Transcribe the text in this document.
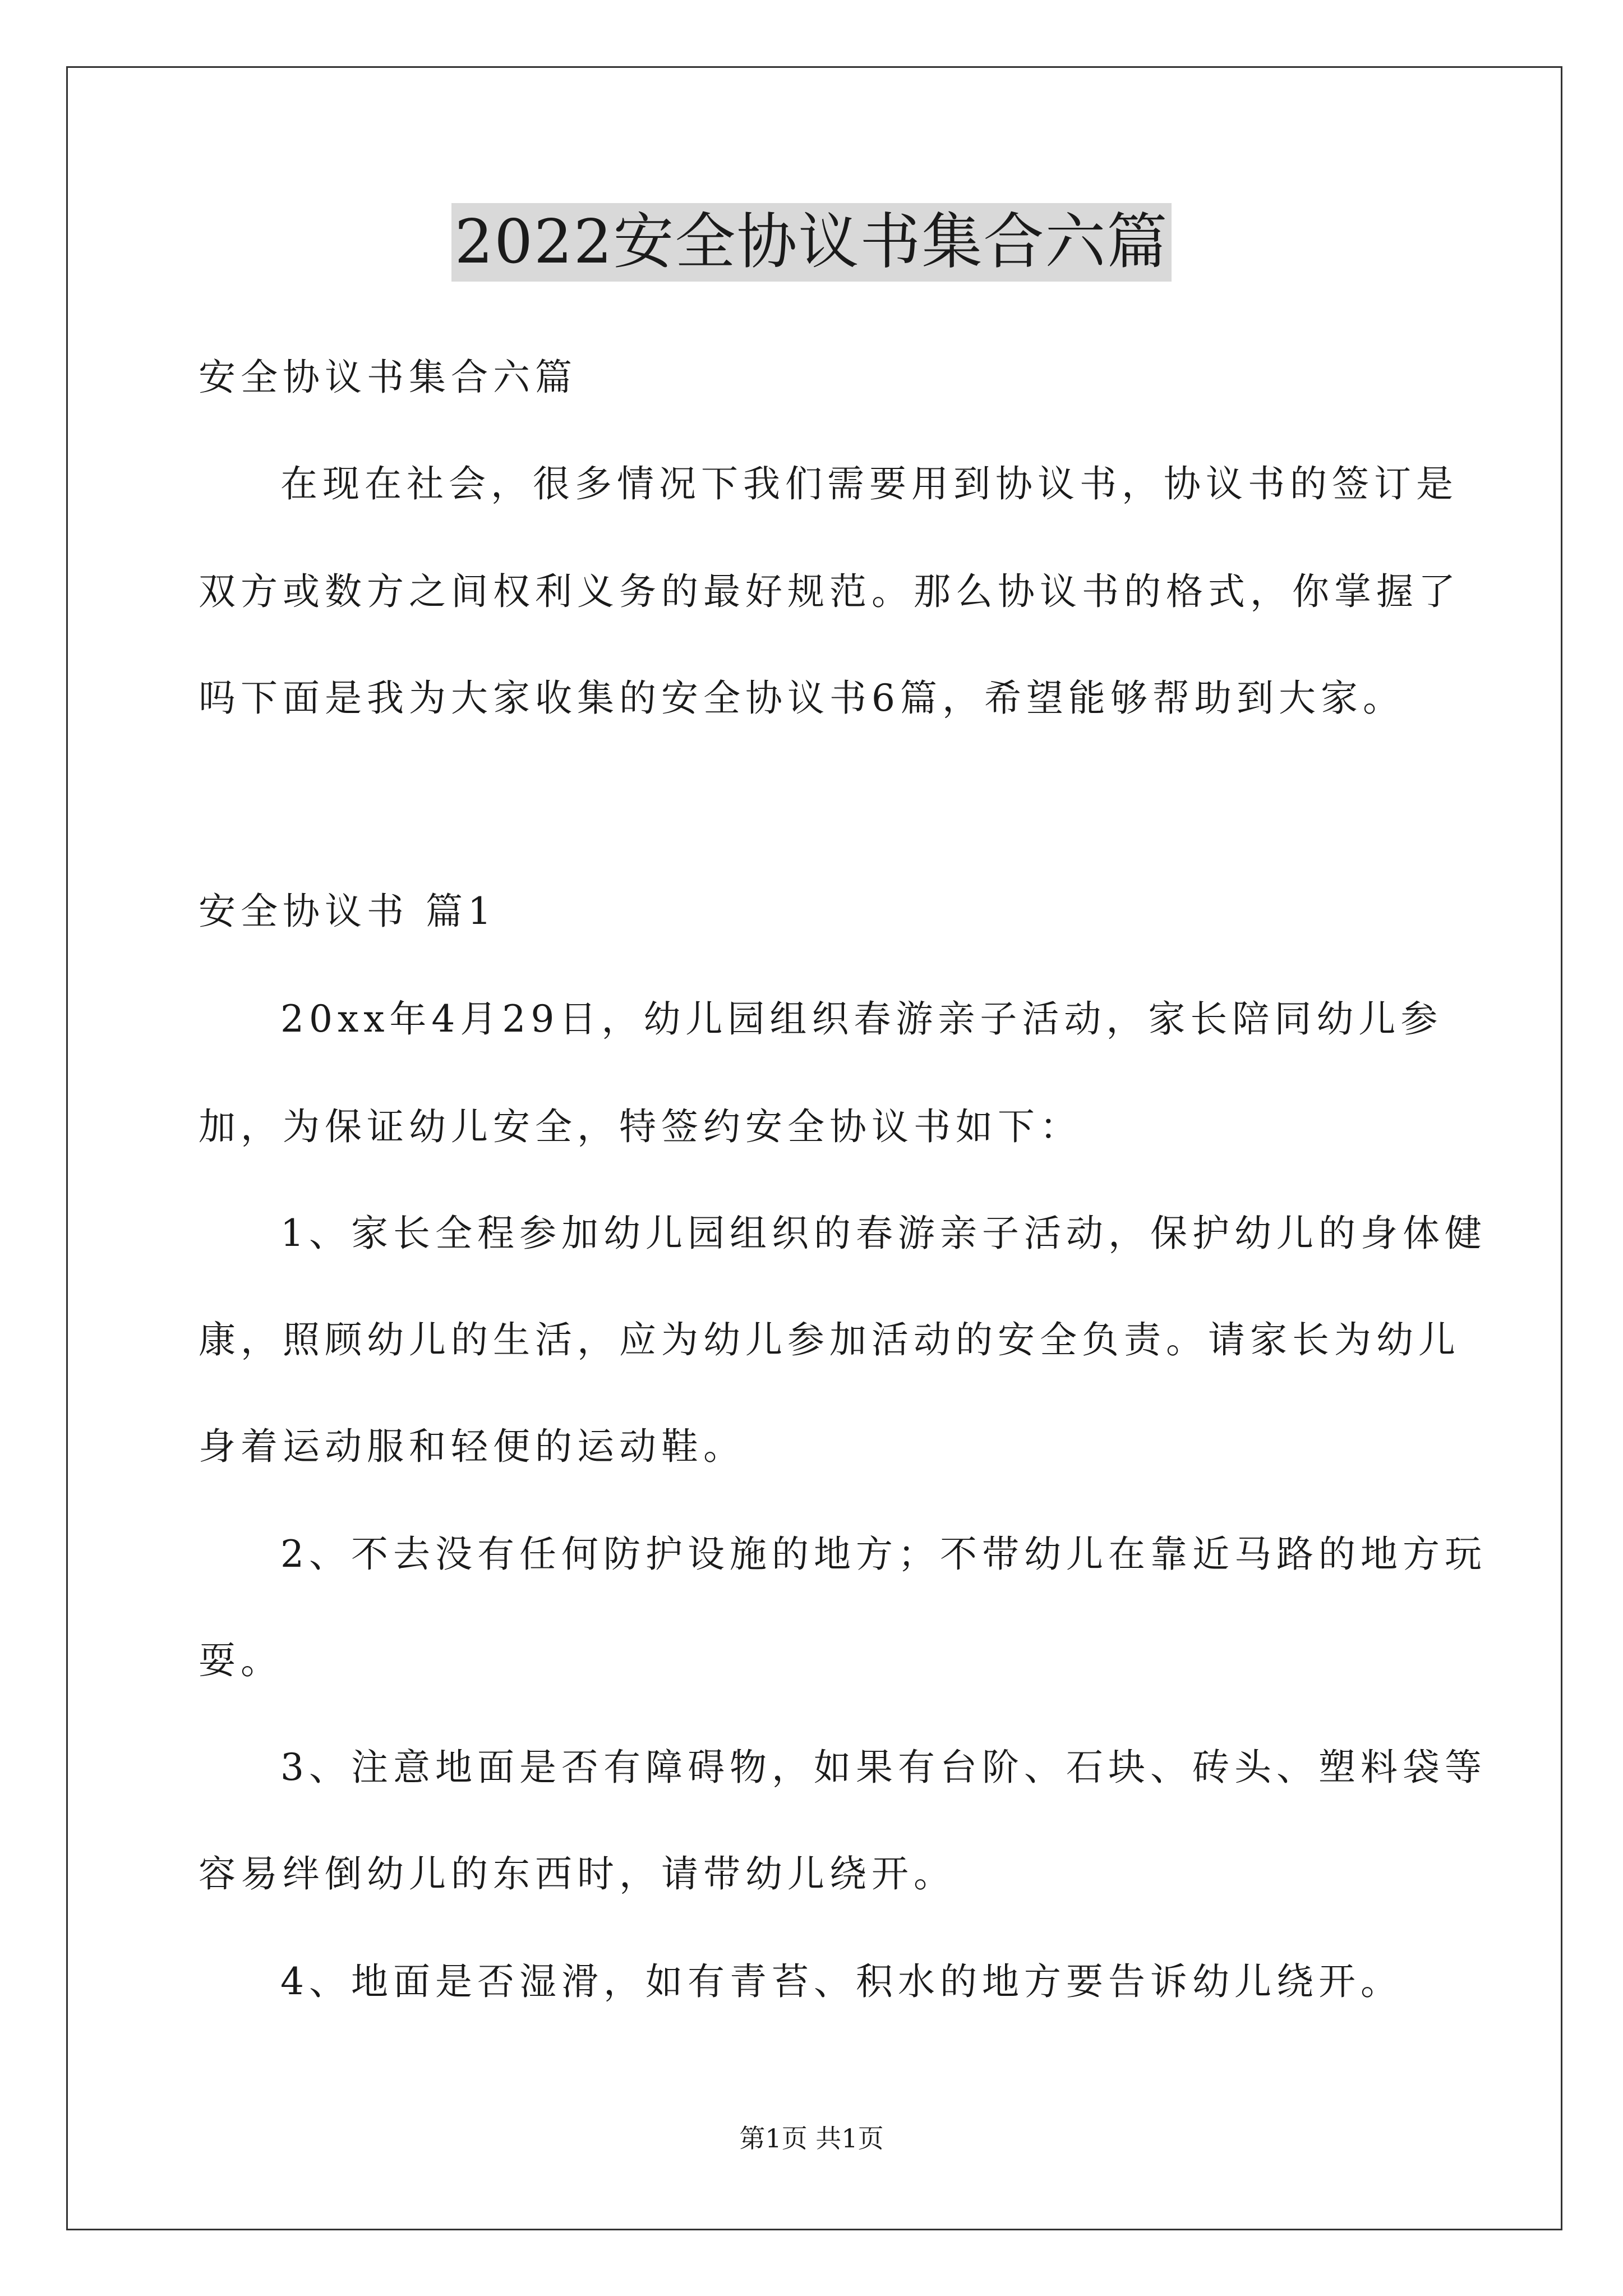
2022安全协议书集合六篇
安全协议书集合六篇
在现在社会，很多情况下我们需要用到协议书，协议书的签订是
双方或数方之间权利义务的最好规范。那么协议书的格式，你掌握了
吗下面是我为大家收集的安全协议书6篇，希望能够帮助到大家。
安全协议书 篇1
20xx年4月29日，幼儿园组织春游亲子活动，家长陪同幼儿参
加，为保证幼儿安全，特签约安全协议书如下：
1、家长全程参加幼儿园组织的春游亲子活动，保护幼儿的身体健
康，照顾幼儿的生活，应为幼儿参加活动的安全负责。请家长为幼儿
身着运动服和轻便的运动鞋。
2、不去没有任何防护设施的地方；不带幼儿在靠近马路的地方玩
耍。
3、注意地面是否有障碍物，如果有台阶、石块、砖头、塑料袋等
容易绊倒幼儿的东西时，请带幼儿绕开。
4、地面是否湿滑，如有青苔、积水的地方要告诉幼儿绕开。
第1页 共1页
